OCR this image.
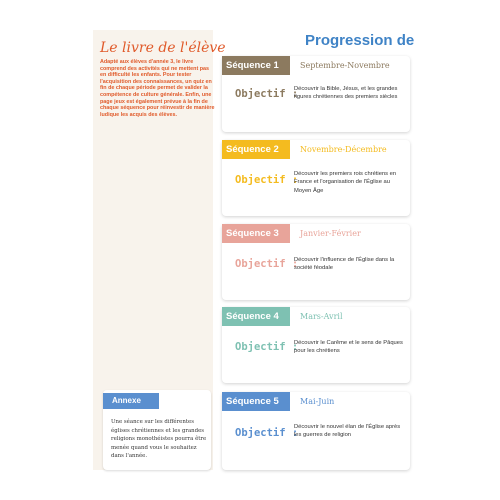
Le livre de l'élève
Adapté aux élèves d'année 3, le livre comprend des activités qui ne mettent pas en difficulté les enfants. Pour tester l'acquisition des connaissances, un quiz en fin de chaque période permet de valider la compétence de culture générale. Enfin, une page jeux est également prévue à la fin de chaque séquence pour réinvestir de manière ludique les acquis des élèves.
Annexe
Une séance sur les différentes églises chrétiennes et les grandes religions monothéistes pourra être menée quand vous le souhaitez dans l'année.
Progression de
Séquence 1	Septembre-Novembre
Objectif :
Découvrir la Bible, Jésus, et les grandes figures chrétiennes des premiers siècles
Séquence 2	Novembre-Décembre
Objectif :
Découvrir les premiers rois chrétiens en France et l'organisation de l'Église au Moyen Âge
Séquence 3	Janvier-Février
Objectif :
Découvrir l'influence de l'Église dans la société féodale
Séquence 4	Mars-Avril
Objectif :
Découvrir le Carême et le sens de Pâques pour les chrétiens
Séquence 5	Mai-Juin
Objectif :
Découvrir le nouvel élan de l'Église après les guerres de religion
